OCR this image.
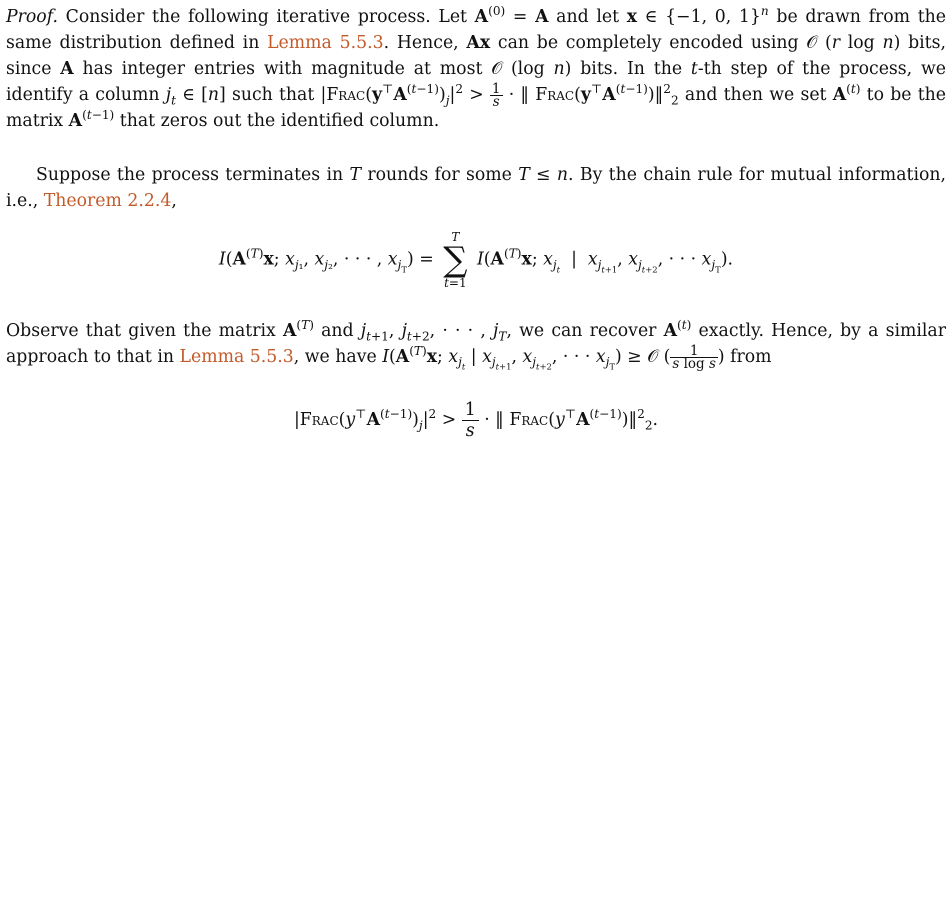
Proof. Consider the following iterative process. Let $A^{(0)} = A$ and let x ∈ {−1, 0, 1}$^n$ be drawn from the same distribution defined in Lemma 5.5.3. Hence, Ax can be completely encoded using 𝒪 (r log n) bits, since A has integer entries with magnitude at most 𝒪 (log n) bits. In the t-th step of the process, we identify a column $j_t$ ∈ [n] such that $|Frac(y^⊤A^{(t-1)})_j|^2 > \frac{1}{s}$ · ‖ $Frac(y^⊤A^{(t-1)})‖^2_2$ and then we set $A^{(t)}$ to be the matrix $A^{(t-1)}$ that zeros out the identified column.

Suppose the process terminates in T rounds for some T ≤ n. By the chain rule for mutual information, i.e., Theorem 2.2.4,

$I(A^{(T)}x$; $x_{j_1}$, $x_{j_2}$, · · · , $x_{j_T}$) =
T
∑
t=1
$I(A^{(T)}x$; $x_{j_t}$  |  $x_{j_{t+1}}$, $x_{j_{t+2}}$, · · · $x_{j_T}$).

Observe that given the matrix $A^{(T)}$ and $j_{t+1}$, $j_{t+2}$, · · · , $j_T$, we can recover $A^{(t)}$ exactly. Hence, by a similar approach to that in Lemma 5.5.3, we have $I(A^{(T)}x$; $x_{j_t}$ | $x_{j_{t+1}}$, $x_{j_{t+2}}$, · · · $x_{j_T}$) ≥ 𝒪 ( $\frac{1}{\text{s log s}}$ ) from

$|Frac(y^⊤A^{(t-1)})_j|^2 > \frac{1}{s}$ · ‖ $Frac(y^⊤A^{(t-1)})‖^2_2$.
